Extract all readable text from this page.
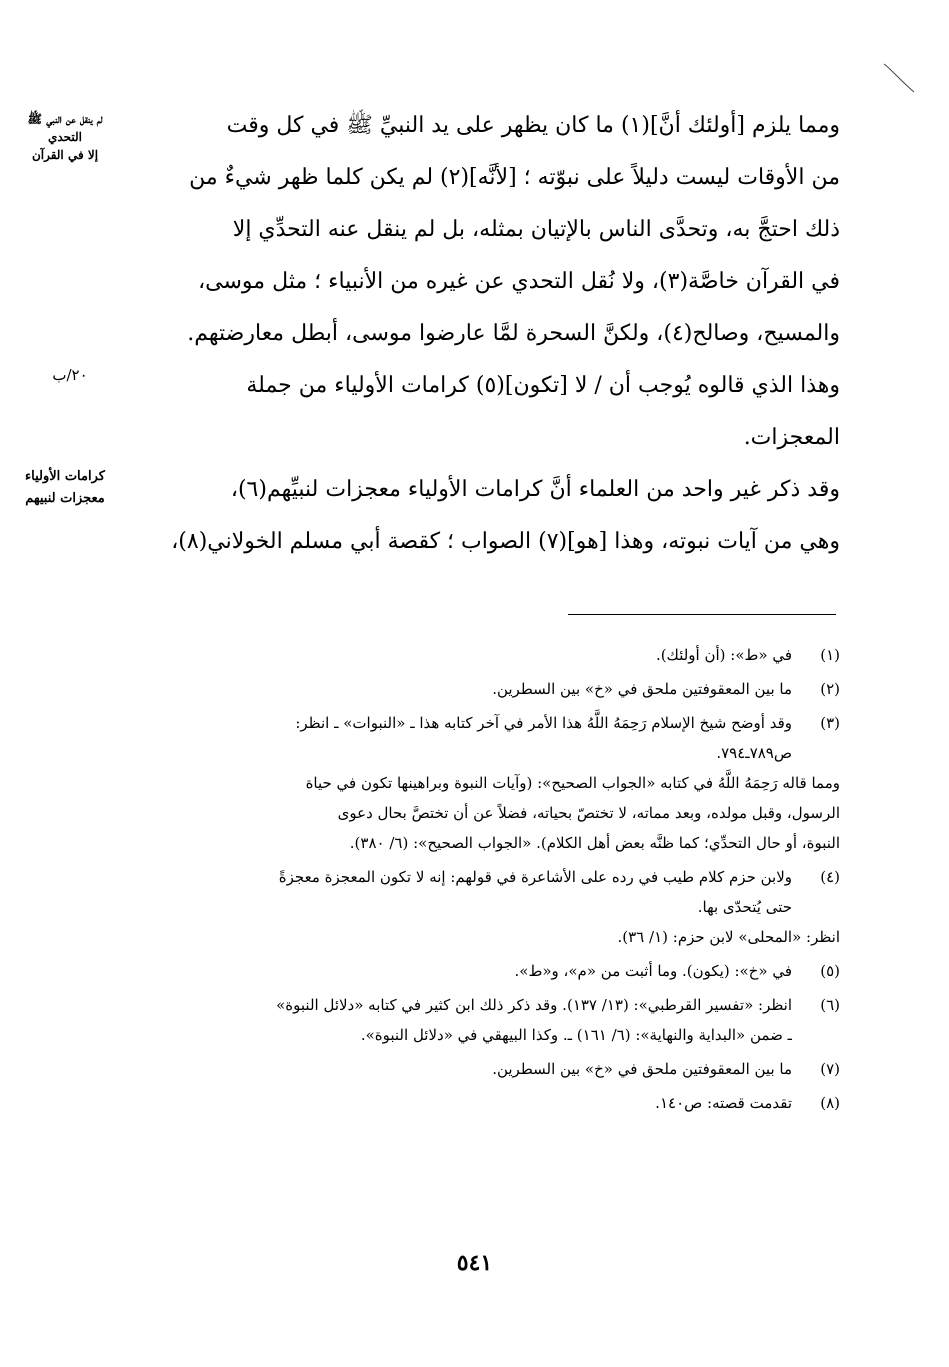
ومما يلزم [أولئك أنَّ](١) ما كان يظهر على يد النبيِّ ﷺ في كل وقت
من الأوقات ليست دليلاً على نبوّته ؛ [لأنَّه](٢) لم يكن كلما ظهر شيءٌ من
ذلك احتجَّ به، وتحدَّى الناس بالإتيان بمثله، بل لم ينقل عنه التحدِّي إلا
في القرآن خاصَّة(٣)، ولا نُقل التحدي عن غيره من الأنبياء ؛ مثل موسى،
والمسيح، وصالح(٤)، ولكنَّ السحرة لمَّا عارضوا موسى، أبطل معارضتهم.
وهذا الذي قالوه يُوجب أن / لا [تكون](٥) كرامات الأولياء من جملة
المعجزات.
وقد ذكر غير واحد من العلماء أنَّ كرامات الأولياء معجزات لنبيِّهم(٦)،
وهي من آيات نبوته، وهذا [هو](٧) الصواب ؛ كقصة أبي مسلم الخولاني(٨)،
لم ينقل عن النبي ﷺ
التحدي
إلا في القرآن
٢٠/ب
كرامات الأولياء
معجزات لنبيهم
(١)
في «ط»: (أن أولئك).
(٢)
ما بين المعقوفتين ملحق في «خ» بين السطرين.
(٣)
وقد أوضح شيخ الإسلام رَحِمَهُ اللَّهُ هذا الأمر في آخر كتابه هذا ـ «النبوات» ـ انظر:
ص٧٨٩ـ٧٩٤.
ومما قاله رَحِمَهُ اللَّهُ في كتابه «الجواب الصحيح»: (وآيات النبوة وبراهينها تكون في حياة
الرسول، وقبل مولده، وبعد مماته، لا تختصّ بحياته، فضلاً عن أن تختصَّ بحال دعوى
النبوة، أو حال التحدِّي؛ كما ظنَّه بعض أهل الكلام). «الجواب الصحيح»: (٦/ ٣٨٠).
(٤)
ولابن حزم كلام طيب في رده على الأشاعرة في قولهم: إنه لا تكون المعجزة معجزةً
حتى يُتحدّى بها.
انظر: «المحلى» لابن حزم: (١/ ٣٦).
(٥)
في «خ»: (يكون). وما أثبت من «م»، و«ط».
(٦)
انظر: «تفسير القرطبي»: (١٣/ ١٣٧). وقد ذكر ذلك ابن كثير في كتابه «دلائل النبوة»
ـ ضمن «البداية والنهاية»: (٦/ ١٦١) ـ. وكذا البيهقي في «دلائل النبوة».
(٧)
ما بين المعقوفتين ملحق في «خ» بين السطرين.
(٨)
تقدمت قصته: ص١٤٠.
٥٤١
